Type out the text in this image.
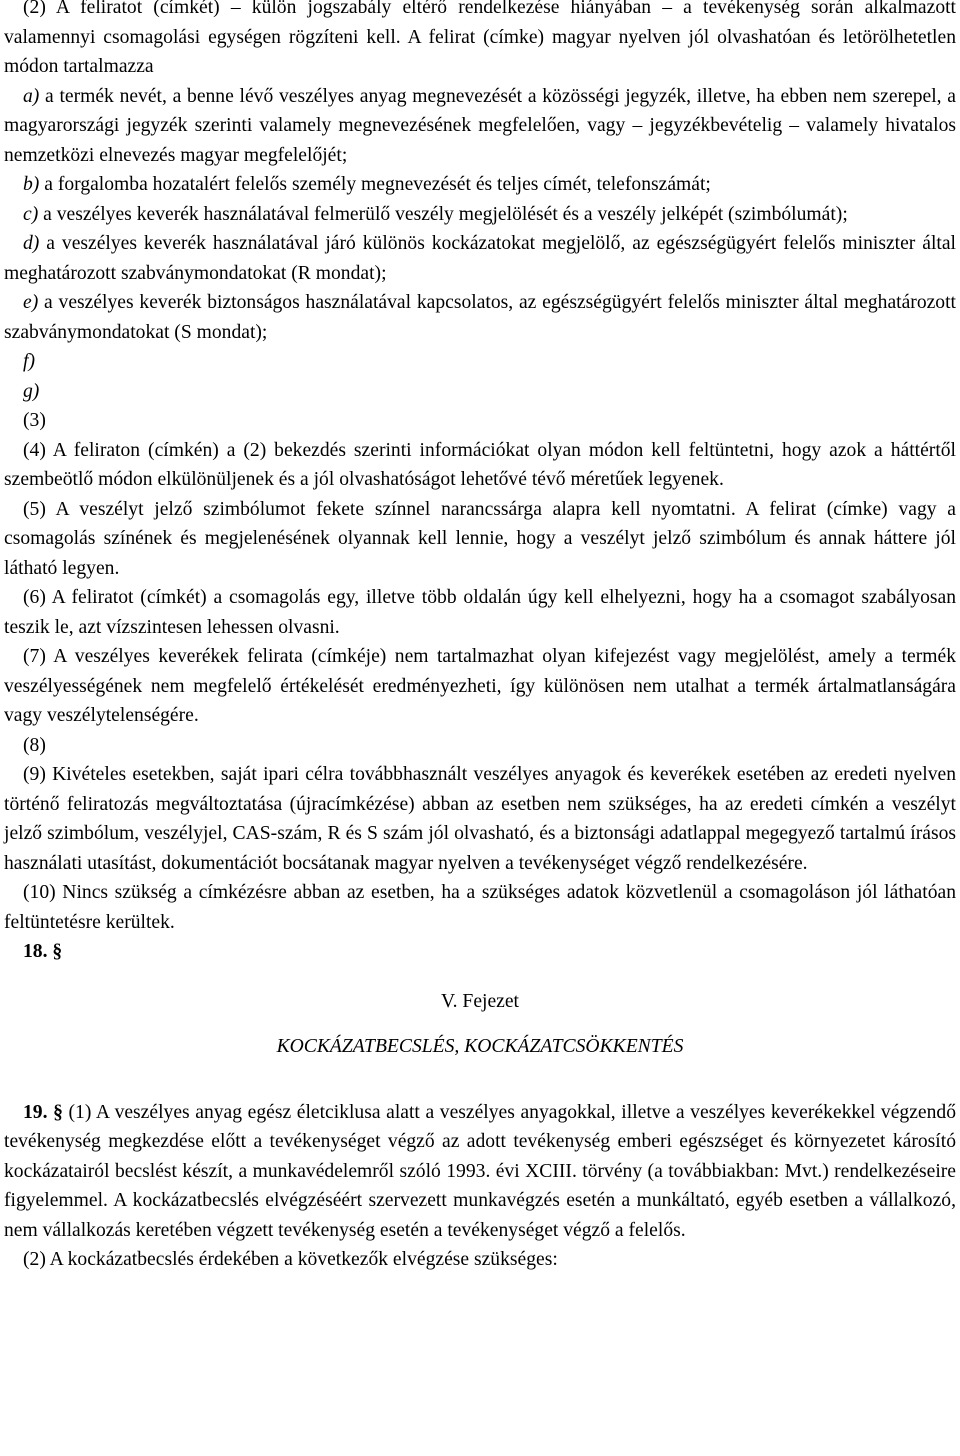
(2) A feliratot (címkét) – külön jogszabály eltérő rendelkezése hiányában – a tevékenység során alkalmazott valamennyi csomagolási egységen rögzíteni kell. A felirat (címke) magyar nyelven jól olvashatóan és letörölhetetlen módon tartalmazza

a) a termék nevét, a benne lévő veszélyes anyag megnevezését a közösségi jegyzék, illetve, ha ebben nem szerepel, a magyarországi jegyzék szerinti valamely megnevezésének megfelelően, vagy – jegyzékbevételig – valamely hivatalos nemzetközi elnevezés magyar megfelelőjét;

b) a forgalomba hozatalért felelős személy megnevezését és teljes címét, telefonszámát;

c) a veszélyes keverék használatával felmerülő veszély megjelölését és a veszély jelképét (szimbólumát);

d) a veszélyes keverék használatával járó különös kockázatokat megjelölő, az egészségügyért felelős miniszter által meghatározott szabványmondatokat (R mondat);

e) a veszélyes keverék biztonságos használatával kapcsolatos, az egészségügyért felelős miniszter által meghatározott szabványmondatokat (S mondat);

f)

g)

(3)

(4) A feliraton (címkén) a (2) bekezdés szerinti információkat olyan módon kell feltüntetni, hogy azok a háttértől szembeötlő módon elkülönüljenek és a jól olvashatóságot lehetővé tévő méretűek legyenek.

(5) A veszélyt jelző szimbólumot fekete színnel narancssárga alapra kell nyomtatni. A felirat (címke) vagy a csomagolás színének és megjelenésének olyannak kell lennie, hogy a veszélyt jelző szimbólum és annak háttere jól látható legyen.

(6) A feliratot (címkét) a csomagolás egy, illetve több oldalán úgy kell elhelyezni, hogy ha a csomagot szabályosan teszik le, azt vízszintesen lehessen olvasni.

(7) A veszélyes keverékek felirata (címkéje) nem tartalmazhat olyan kifejezést vagy megjelölést, amely a termék veszélyességének nem megfelelő értékelését eredményezheti, így különösen nem utalhat a termék ártalmatlanságára vagy veszélytelenségére.

(8)

(9) Kivételes esetekben, saját ipari célra továbbhasznált veszélyes anyagok és keverékek esetében az eredeti nyelven történő feliratozás megváltoztatása (újracímkézése) abban az esetben nem szükséges, ha az eredeti címkén a veszélyt jelző szimbólum, veszélyjel, CAS-szám, R és S szám jól olvasható, és a biztonsági adatlappal megegyező tartalmú írásos használati utasítást, dokumentációt bocsátanak magyar nyelven a tevékenységet végző rendelkezésére.

(10) Nincs szükség a címkézésre abban az esetben, ha a szükséges adatok közvetlenül a csomagoláson jól láthatóan feltüntetésre kerültek.

18. §

V. Fejezet

KOCKÁZATBECSLÉS, KOCKÁZATCSÖKKENTÉS

19. § (1) A veszélyes anyag egész életciklusa alatt a veszélyes anyagokkal, illetve a veszélyes keverékekkel végzendő tevékenység megkezdése előtt a tevékenységet végző az adott tevékenység emberi egészséget és környezetet károsító kockázatairól becslést készít, a munkavédelemről szóló 1993. évi XCIII. törvény (a továbbiakban: Mvt.) rendelkezéseire figyelemmel. A kockázatbecslés elvégzéséért szervezett munkavégzés esetén a munkáltató, egyéb esetben a vállalkozó, nem vállalkozás keretében végzett tevékenység esetén a tevékenységet végző a felelős.

(2) A kockázatbecslés érdekében a következők elvégzése szükséges:
